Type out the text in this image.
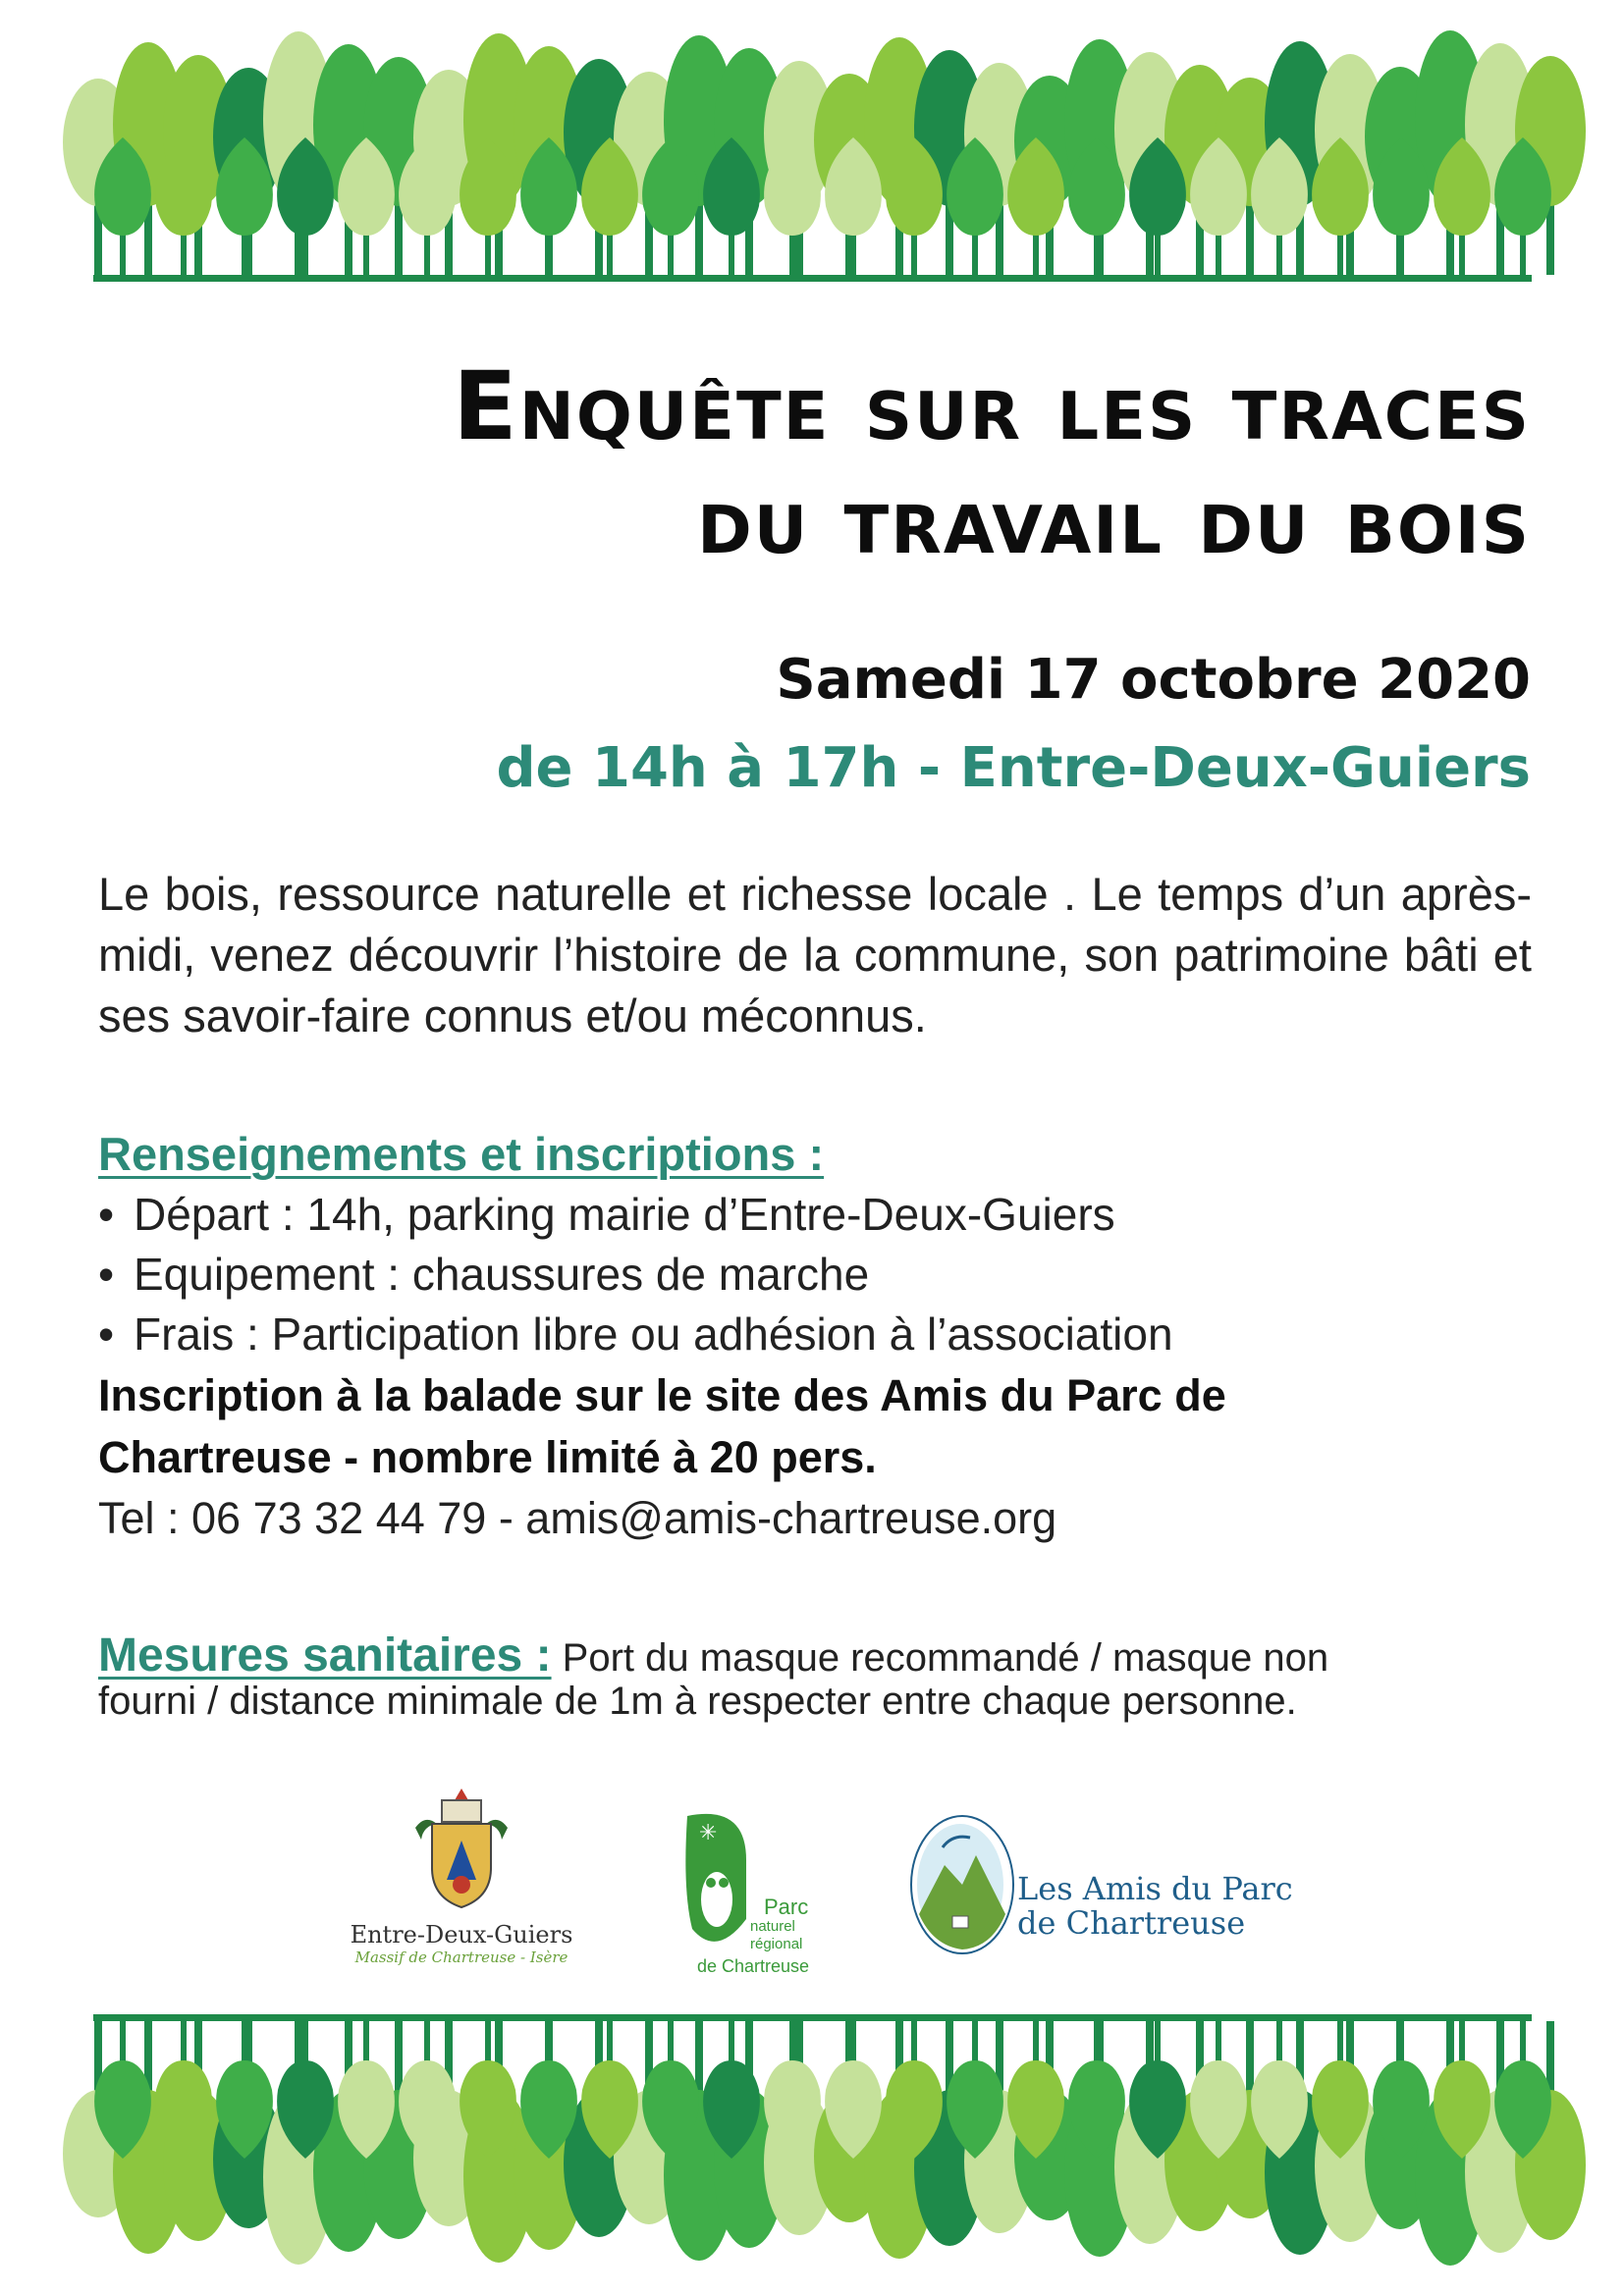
Enquête sur les traces
du travail du bois

Samedi 17 octobre 2020

de 14h à 17h - Entre-Deux-Guiers

Le bois, ressource naturelle et richesse locale . Le temps d’un après-midi, venez découvrir l’histoire de la commune, son patrimoine bâti et ses savoir-faire connus et/ou méconnus.

Renseignements et inscriptions :

• Départ : 14h, parking mairie d’Entre-Deux-Guiers
• Equipement : chaussures de marche
• Frais : Participation libre ou adhésion à l’association

Inscription à la balade sur le site des Amis du Parc de

Chartreuse - nombre limité à 20 pers.

Tel : 06 73 32 44 79 - amis@amis-chartreuse.org

Mesures sanitaires : Port du masque recommandé / masque non
fourni / distance minimale de 1m à respecter entre chaque personne.

Entre-Deux-Guiers
Massif de Chartreuse - Isère
✳
Parc
naturel
régional
de Chartreuse
Les Amis du Parc
de Chartreuse
